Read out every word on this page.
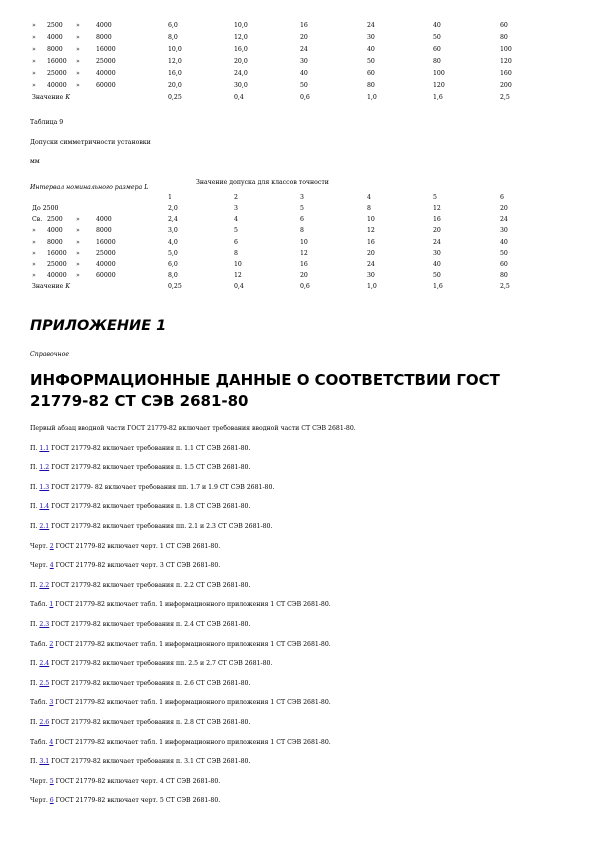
» 2500 »	4000	6,0	10,0	16	24	40	60
» 4000 »	8000	8,0	12,0	20	30	50	80
» 8000 »	16000	10,0	16,0	24	40	60	100
» 16000 »	25000	12,0	20,0	30	50	80	120
» 25000 »	40000	16,0	24,0	40	60	100	160
» 40000 »	60000	20,0	30,0	50	80	120	200
Значение K	0,25	0,4	0,6	1,0	1,6	2,5
Таблица 9
Допуски симметричности установки
мм
Интервал номинального размера L
Значение допуска для классов точности
1	2	3	4	5	6
До 2500	2,0	3	5	8	12	20
Св. 2500 »	4000	2,4	4	6	10	16	24
» 4000 »	8000	3,0	5	8	12	20	30
» 8000 »	16000	4,0	6	10	16	24	40
» 16000 »	25000	5,0	8	12	20	30	50
» 25000 »	40000	6,0	10	16	24	40	60
» 40000 »	60000	8,0	12	20	30	50	80
Значение K	0,25	0,4	0,6	1,0	1,6	2,5
ПРИЛОЖЕНИЕ 1
Справочное
ИНФОРМАЦИОННЫЕ ДАННЫЕ О СООТВЕТСТВИИ ГОСТ 21779-82 СТ СЭВ 2681-80
Первый абзац вводной части ГОСТ 21779-82 включает требования вводной части СТ СЭВ 2681-80.
П. 1.1 ГОСТ 21779-82 включает требования п. 1.1 СТ СЭВ 2681-80.
П. 1.2 ГОСТ 21779-82 включает требования п. 1.5 СТ СЭВ 2681-80.
П. 1.3 ГОСТ 21779- 82 включает требования пп. 1.7 и 1.9 СТ СЭВ 2681-80.
П. 1.4 ГОСТ 21779-82 включает требования п. 1.8 СТ СЭВ 2681-80.
П. 2.1 ГОСТ 21779-82 включает требования пп. 2.1 и 2.3 СТ СЭВ 2681-80.
Черт. 2 ГОСТ 21779-82 включает черт. 1 СТ СЭВ 2681-80.
Черт. 4 ГОСТ 21779-82 включает черт. 3 СТ СЭВ 2681-80.
П. 2.2 ГОСТ 21779-82 включает требования п. 2.2 СТ СЭВ 2681-80.
Табл. 1 ГОСТ 21779-82 включает табл. 1 информационного приложения 1 СТ СЭВ 2681-80.
П. 2.3 ГОСТ 21779-82 включает требования п. 2.4 СТ СЭВ 2681-80.
Табл. 2 ГОСТ 21779-82 включает табл. 1 информационного приложения 1 СТ СЭВ 2681-80.
П. 2.4 ГОСТ 21779-82 включает требования пп. 2.5 и 2.7 СТ СЭВ 2681-80.
П. 2.5 ГОСТ 21779-82 включает требования п. 2.6 СТ СЭВ 2681-80.
Табл. 3 ГОСТ 21779-82 включает табл. 1 информационного приложения 1 СТ СЭВ 2681-80.
П. 2.6 ГОСТ 21779-82 включает требования п. 2.8 СТ СЭВ 2681-80.
Табл. 4 ГОСТ 21779-82 включает табл. 1 информационного приложения 1 СТ СЭВ 2681-80.
П. 3.1 ГОСТ 21779-82 включает требования п. 3.1 СТ СЭВ 2681-80.
Черт. 5 ГОСТ 21779-82 включает черт. 4 СТ СЭВ 2681-80.
Черт. 6 ГОСТ 21779-82 включает черт. 5 СТ СЭВ 2681-80.
